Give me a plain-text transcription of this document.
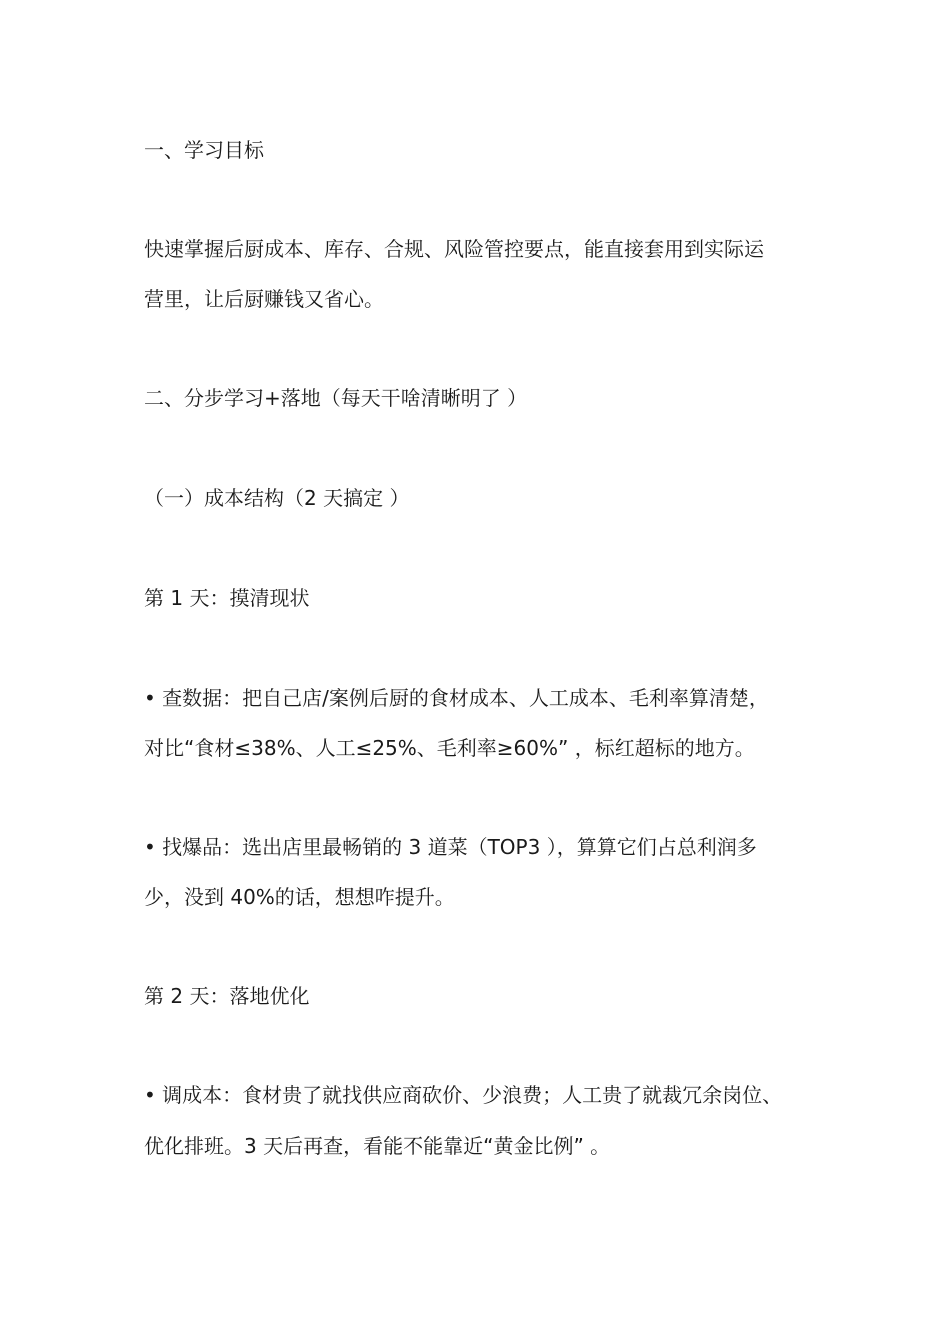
一、学习目标
快速掌握后厨成本、库存、合规、风险管控要点，能直接套用到实际运
营里，让后厨赚钱又省心。
二、分步学习+落地（每天干啥清晰明了 ）
（一）成本结构（2 天搞定 ）
第 1 天：摸清现状
• 查数据：把自己店/案例后厨的食材成本、人工成本、毛利率算清楚，
对比“食材≤38%、人工≤25%、毛利率≥60%” ，标红超标的地方。
• 找爆品：选出店里最畅销的 3 道菜（TOP3 ），算算它们占总利润多
少，没到 40%的话，想想咋提升。
第 2 天：落地优化
• 调成本：食材贵了就找供应商砍价、少浪费；人工贵了就裁冗余岗位、
优化排班。3 天后再查，看能不能靠近“黄金比例” 。
